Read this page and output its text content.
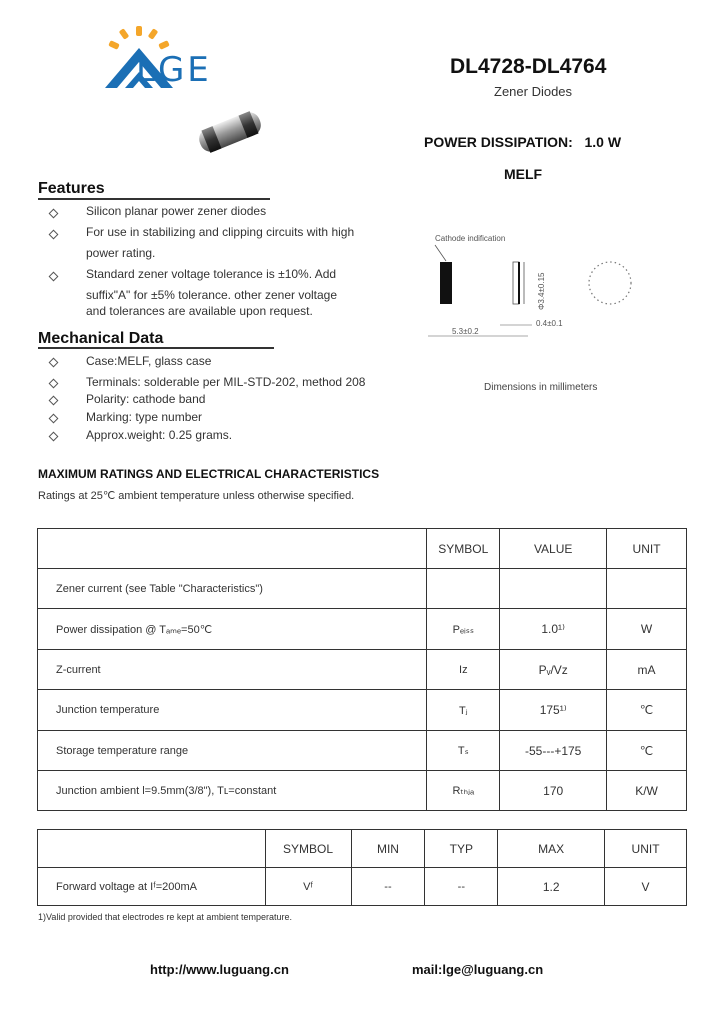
LGE	DL4728-DL4764
Zener Diodes
POWER DISSIPATION: 1.0 W
MELF
Features
Silicon planar power zener diodes
For use in stabilizing and clipping circuits with high
power rating.
Standard zener voltage tolerance is ±10%. Add
suffix"A" for ±5% tolerance. other zener voltage
and tolerances are available upon request.
Mechanical Data
Case:MELF, glass case
Terminals: solderable per MIL-STD-202, method 208
Polarity: cathode band
Marking: type number
Approx.weight: 0.25 grams.
Cathode indification
Φ3.4±0.15
5.3±0.2
0.4±0.1
Dimensions in millimeters
MAXIMUM RATINGS AND ELECTRICAL CHARACTERISTICS
Ratings at 25℃ ambient temperature unless otherwise specified.
	SYMBOL	VALUE	UNIT
Zener current (see Table "Characteristics")			
Power dissipation @ Tₐₘₑ=50℃	Pₑᵢₛₛ	1.0¹⁾	W
Z-current	Iᴢ	Pᵥ/Vᴢ	mA
Junction temperature	Tⱼ	175¹⁾	℃
Storage temperature range	Tₛ	-55---+175	℃
Junction ambient l=9.5mm(3/8"), Tʟ=constant	Rₜₕⱼₐ	170	K/W
	SYMBOL	MIN	TYP	MAX	UNIT
Forward voltage at Iᶠ=200mA	Vᶠ	--	--	1.2	V
1)Valid provided that electrodes re kept at ambient temperature.
http://www.luguang.cn	mail:lge@luguang.cn
